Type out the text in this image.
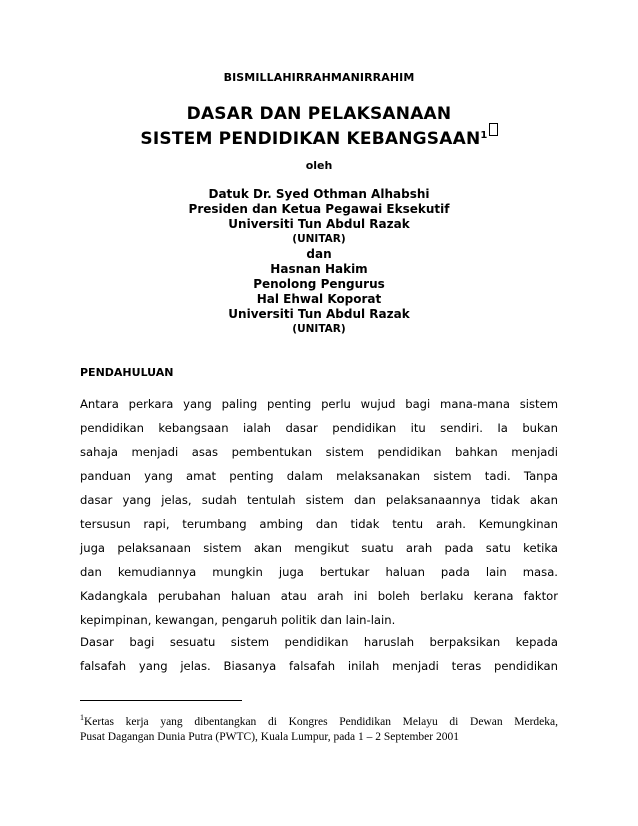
BISMILLAHIRRAHMANIRRAHIM
DASAR DAN PELAKSANAAN
SISTEM PENDIDIKAN KEBANGSAAN$^1$
oleh
Datuk Dr. Syed Othman Alhabshi
Presiden dan Ketua Pegawai Eksekutif
Universiti Tun Abdul Razak
(UNITAR)
dan
Hasnan Hakim
Penolong Pengurus
Hal Ehwal Koporat
Universiti Tun Abdul Razak
(UNITAR)
PENDAHULUAN
Antara perkara yang paling penting perlu wujud bagi mana-mana sistem
pendidikan kebangsaan ialah dasar pendidikan itu sendiri. Ia bukan
sahaja menjadi asas pembentukan sistem pendidikan bahkan menjadi
panduan yang amat penting dalam melaksanakan sistem tadi. Tanpa
dasar yang jelas, sudah tentulah sistem dan pelaksanaannya tidak akan
tersusun rapi, terumbang ambing dan tidak tentu arah. Kemungkinan
juga pelaksanaan sistem akan mengikut suatu arah pada satu ketika
dan kemudiannya mungkin juga bertukar haluan pada lain masa.
Kadangkala perubahan haluan atau arah ini boleh berlaku kerana faktor
kepimpinan, kewangan, pengaruh politik dan lain-lain.
Dasar bagi sesuatu sistem pendidikan haruslah berpaksikan kepada
falsafah yang jelas. Biasanya falsafah inilah menjadi teras pendidikan
$^1$Kertas kerja yang dibentangkan di Kongres Pendidikan Melayu di Dewan Merdeka,
Pusat Dagangan Dunia Putra (PWTC), Kuala Lumpur, pada 1 – 2 September 2001
